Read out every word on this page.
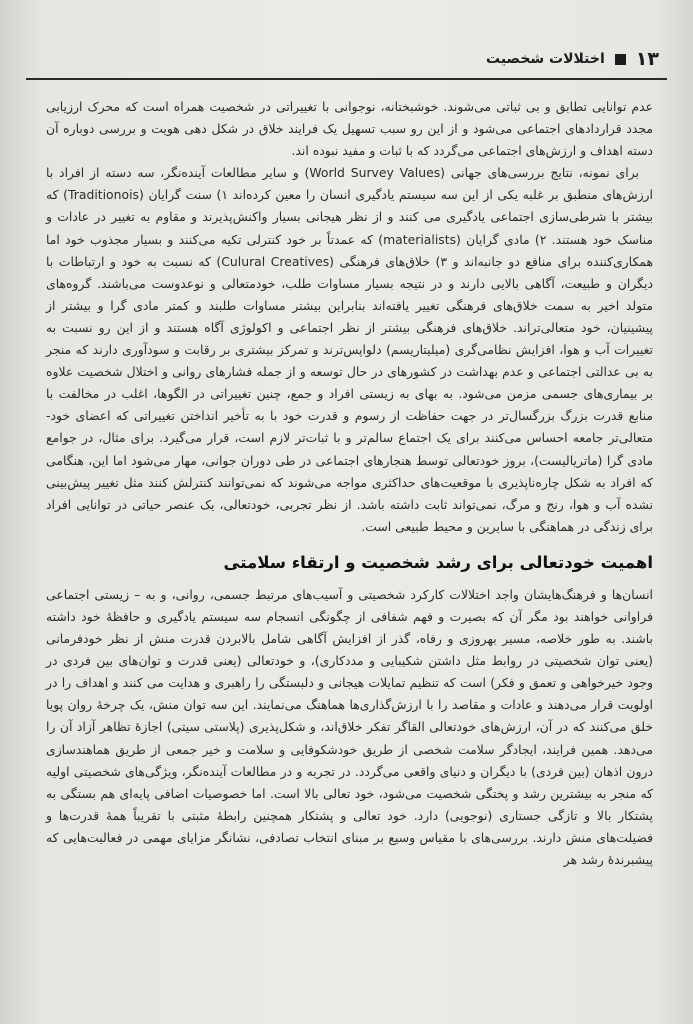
۱۳
اختلالات شخصیت

عدم توانایی تطابق و بی ثباتی می‌شوند. خوشبختانه، نوجوانی با تغییراتی در شخصیت همراه است که محرک ارزیابی مجدد قراردادهای اجتماعی می‌شود و از این رو سبب تسهیل یک فرایند خلاق در شکل دهی هویت و بررسی دوباره آن دسته اهداف و ارزش‌های اجتماعی می‌گردد که با ثبات و مفید نبوده اند.

برای نمونه، نتایج بررسی‌های جهانی (World Survey Values) و سایر مطالعات آینده‌نگر، سه دسته از افراد با ارزش‌های منطبق بر غلبه یکی از این سه سیستم یادگیری انسان را معین کرده‌اند ۱) سنت گرایان (Traditionois) که بیشتر با شرطی‌سازی اجتماعی یادگیری می کنند و از نظر هیجانی بسیار واکنش‌پذیرند و مقاوم به تغییر در عادات و مناسک خود هستند. ۲) مادی گرایان (materialists) که عمدتاً بر خود کنترلی تکیه می‌کنند و بسیار مجذوب خود اما همکاری‌کننده برای منافع دو جانبه‌اند و ۳) خلاق‌های فرهنگی (Culural Creatives) که نسبت به خود و ارتباطات با دیگران و طبیعت، آگاهی بالایی دارند و در نتیجه بسیار مساوات طلب، خودمتعالی و نوعدوست می‌باشند. گروه‌های متولد اخیر به سمت خلاق‌های فرهنگی تغییر یافته‌اند بنابراین بیشتر مساوات طلبند و کمتر مادی گرا و بیشتر از پیشینیان، خود متعالی‌تراند. خلاق‌های فرهنگی بیشتر از نظر اجتماعی و اکولوژی آگاه هستند و از این رو نسبت به تغییرات آب و هوا، افزایش نظامی‌گری (میلیتاریسم) دلواپس‌ترند و تمرکز بیشتری بر رقابت و سودآوری دارند که منجر به بی عدالتی اجتماعی و عدم بهداشت در کشورهای در حال توسعه و از جمله فشارهای روانی و اختلال شخصیت علاوه بر بیماری‌های جسمی مزمن می‌شود. به بهای به زیستی افراد و جمع، چنین تغییراتی در الگوها، اغلب در مخالفت با منابع قدرت بزرگ بزرگسال‌تر در جهت حفاظت از رسوم و قدرت خود با به تأخیر انداختن تغییراتی که اعضای خود-متعالی‌تر جامعه احساس می‌کنند برای یک اجتماع سالم‌تر و با ثبات‌تر لازم است، قرار می‌گیرد. برای مثال، در جوامع مادی گرا (ماتریالیست)، بروز خودتعالی توسط هنجارهای اجتماعی در طی دوران جوانی، مهار می‌شود اما این، هنگامی که افراد به شکل چاره‌ناپذیری با موقعیت‌های حداکثری مواجه می‌شوند که نمی‌توانند کنترلش کنند مثل تغییر پیش‌بینی نشده آب و هوا، رنج و مرگ، نمی‌تواند ثابت داشته باشد. از نظر تجربی، خودتعالی، یک عنصر حیاتی در توانایی افراد برای زندگی در هماهنگی با سایرین و محیط طبیعی است.

اهمیت خودتعالی برای رشد شخصیت و ارتقاء سلامتی

انسان‌ها و فرهنگ‌هایشان واجد اختلالات کارکرد شخصیتی و آسیب‌های مرتبط جسمی، روانی، و به – زیستی اجتماعی فراوانی خواهند بود مگر آن که بصیرت و فهم شفافی از چگونگی انسجام سه سیستم یادگیری و حافظهٔ خود داشته باشند. به طور خلاصه، مسیر بهروزی و رفاه، گذر از افزایش آگاهی شامل بالابردن قدرت منش از نظر خودفرمانی (یعنی توان شخصیتی در روابط مثل داشتن شکیبایی و مددکاری)، و خودتعالی (یعنی قدرت و توان‌های بین فردی در وجود خیرخواهی و تعمق و فکر) است که تنظیم تمایلات هیجانی و دلبستگی را راهبری و هدایت می کنند و اهداف را در اولویت قرار می‌دهند و عادات و مقاصد را با ارزش‌گذاری‌ها هماهنگ می‌نمایند. این سه توان منش، یک چرخهٔ روان پویا خلق می‌کنند که در آن، ارزش‌های خودتعالی القاگر تفکر خلاق‌اند، و شکل‌پذیری (پلاستی سیتی) اجازهٔ تظاهر آزاد آن را می‌دهد. همین فرایند، ایجادگر سلامت شخصی از طریق خودشکوفایی و سلامت و خیر جمعی از طریق هماهندسازی درون اذهان (بین فردی) با دیگران و دنیای واقعی می‌گردد. در تجربه و در مطالعات آینده‌نگر، ویژگی‌های شخصیتی اولیه که منجر به بیشترین رشد و پختگی شخصیت می‌شود، خود تعالی بالا است. اما خصوصیات اضافی پایه‌ای هم بستگی به پشتکار بالا و تازگی جستاری (نوجویی) دارد. خود تعالی و پشتکار همچنین رابطهٔ مثبتی با تقریباً همهٔ قدرت‌ها و فضیلت‌های منش دارند. بررسی‌های با مقیاس وسیع بر مبنای انتخاب تصادفی، نشانگر مزایای مهمی در فعالیت‌هایی که پیشبرندهٔ رشد هر
